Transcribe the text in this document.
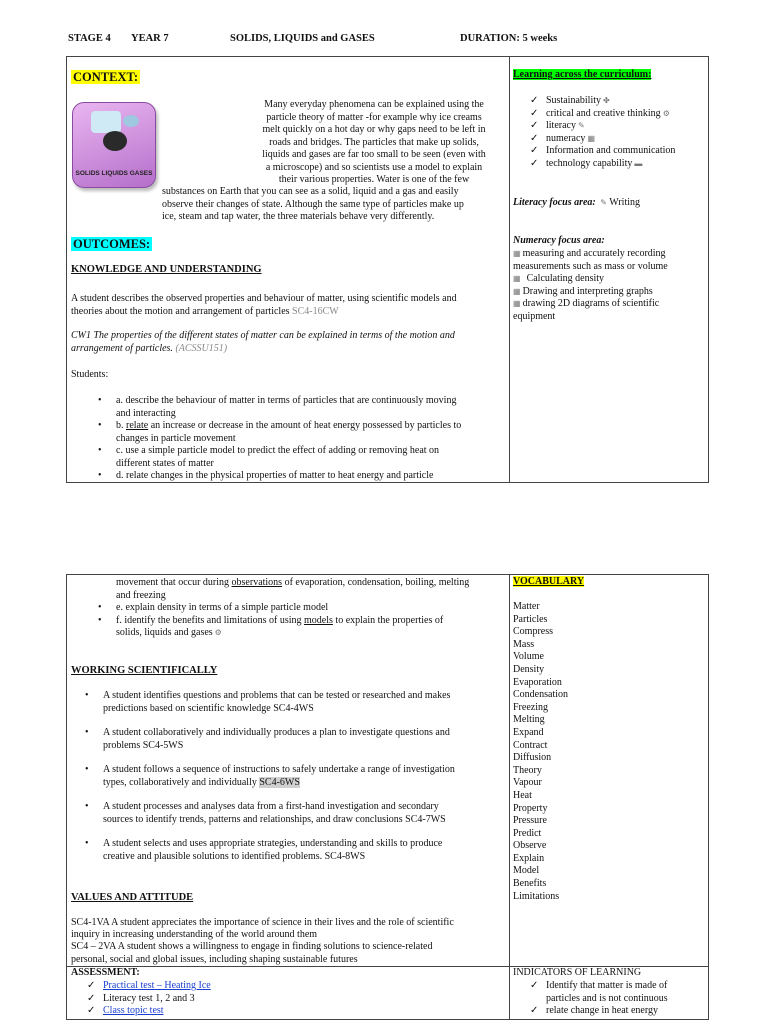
STAGE 4 YEAR 7	SOLIDS, LIQUIDS and GASES	DURATION: 5 weeks
CONTEXT:
SOLIDS LIQUIDS GASES
Many everyday phenomena can be explained using the
particle theory of matter -for example why ice creams
melt quickly on a hot day or why gaps need to be left in
roads and bridges. The particles that make up solids,
liquids and gases are far too small to be seen (even with
a microscope) and so scientists use a model to explain
their various properties. Water is one of the few
substances on Earth that you can see as a solid, liquid and a gas and easily
observe their changes of state. Although the same type of particles make up
ice, steam and tap water, the three materials behave very differently.
OUTCOMES:
KNOWLEDGE AND UNDERSTANDING
A student describes the observed properties and behaviour of matter, using scientific models and
theories about the motion and arrangement of particles SC4-16CW
CW1 The properties of the different states of matter can be explained in terms of the motion and
arrangement of particles. (ACSSU151)
Students:
• a. describe the behaviour of matter in terms of particles that are continuously moving
and interacting
• b. relate an increase or decrease in the amount of heat energy possessed by particles to
changes in particle movement
• c. use a simple particle model to predict the effect of adding or removing heat on
different states of matter
• d. relate changes in the physical properties of matter to heat energy and particle
Learning across the curriculum:
✓ Sustainability ✤
✓ critical and creative thinking ⚙
✓ literacy ✎
✓ numeracy ▦
✓ Information and communication
✓ technology capability ▬
Literacy focus area: ✎ Writing
Numeracy focus area:
▦ measuring and accurately recording
measurements such as mass or volume
▦ Calculating density
▦ Drawing and interpreting graphs
▦ drawing 2D diagrams of scientific
equipment
movement that occur during observations of evaporation, condensation, boiling, melting
and freezing
• e. explain density in terms of a simple particle model
• f. identify the benefits and limitations of using models to explain the properties of
solids, liquids and gases ⚙
WORKING SCIENTIFICALLY
• A student identifies questions and problems that can be tested or researched and makes
predictions based on scientific knowledge SC4-4WS
• A student collaboratively and individually produces a plan to investigate questions and
problems SC4-5WS
• A student follows a sequence of instructions to safely undertake a range of investigation
types, collaboratively and individually SC4-6WS
• A student processes and analyses data from a first-hand investigation and secondary
sources to identify trends, patterns and relationships, and draw conclusions SC4-7WS
• A student selects and uses appropriate strategies, understanding and skills to produce
creative and plausible solutions to identified problems. SC4-8WS
VALUES AND ATTITUDE
SC4-1VA A student appreciates the importance of science in their lives and the role of scientific
inquiry in increasing understanding of the world around them
SC4 – 2VA A student shows a willingness to engage in finding solutions to science-related
personal, social and global issues, including shaping sustainable futures
VOCABULARY
Matter
Particles
Compress
Mass
Volume
Density
Evaporation
Condensation
Freezing
Melting
Expand
Contract
Diffusion
Theory
Vapour
Heat
Property
Pressure
Predict
Observe
Explain
Model
Benefits
Limitations
ASSESSMENT:
✓ Practical test – Heating Ice
✓ Literacy test 1, 2 and 3
✓ Class topic test
INDICATORS OF LEARNING
✓ Identify that matter is made of
particles and is not continuous
✓ relate change in heat energy
